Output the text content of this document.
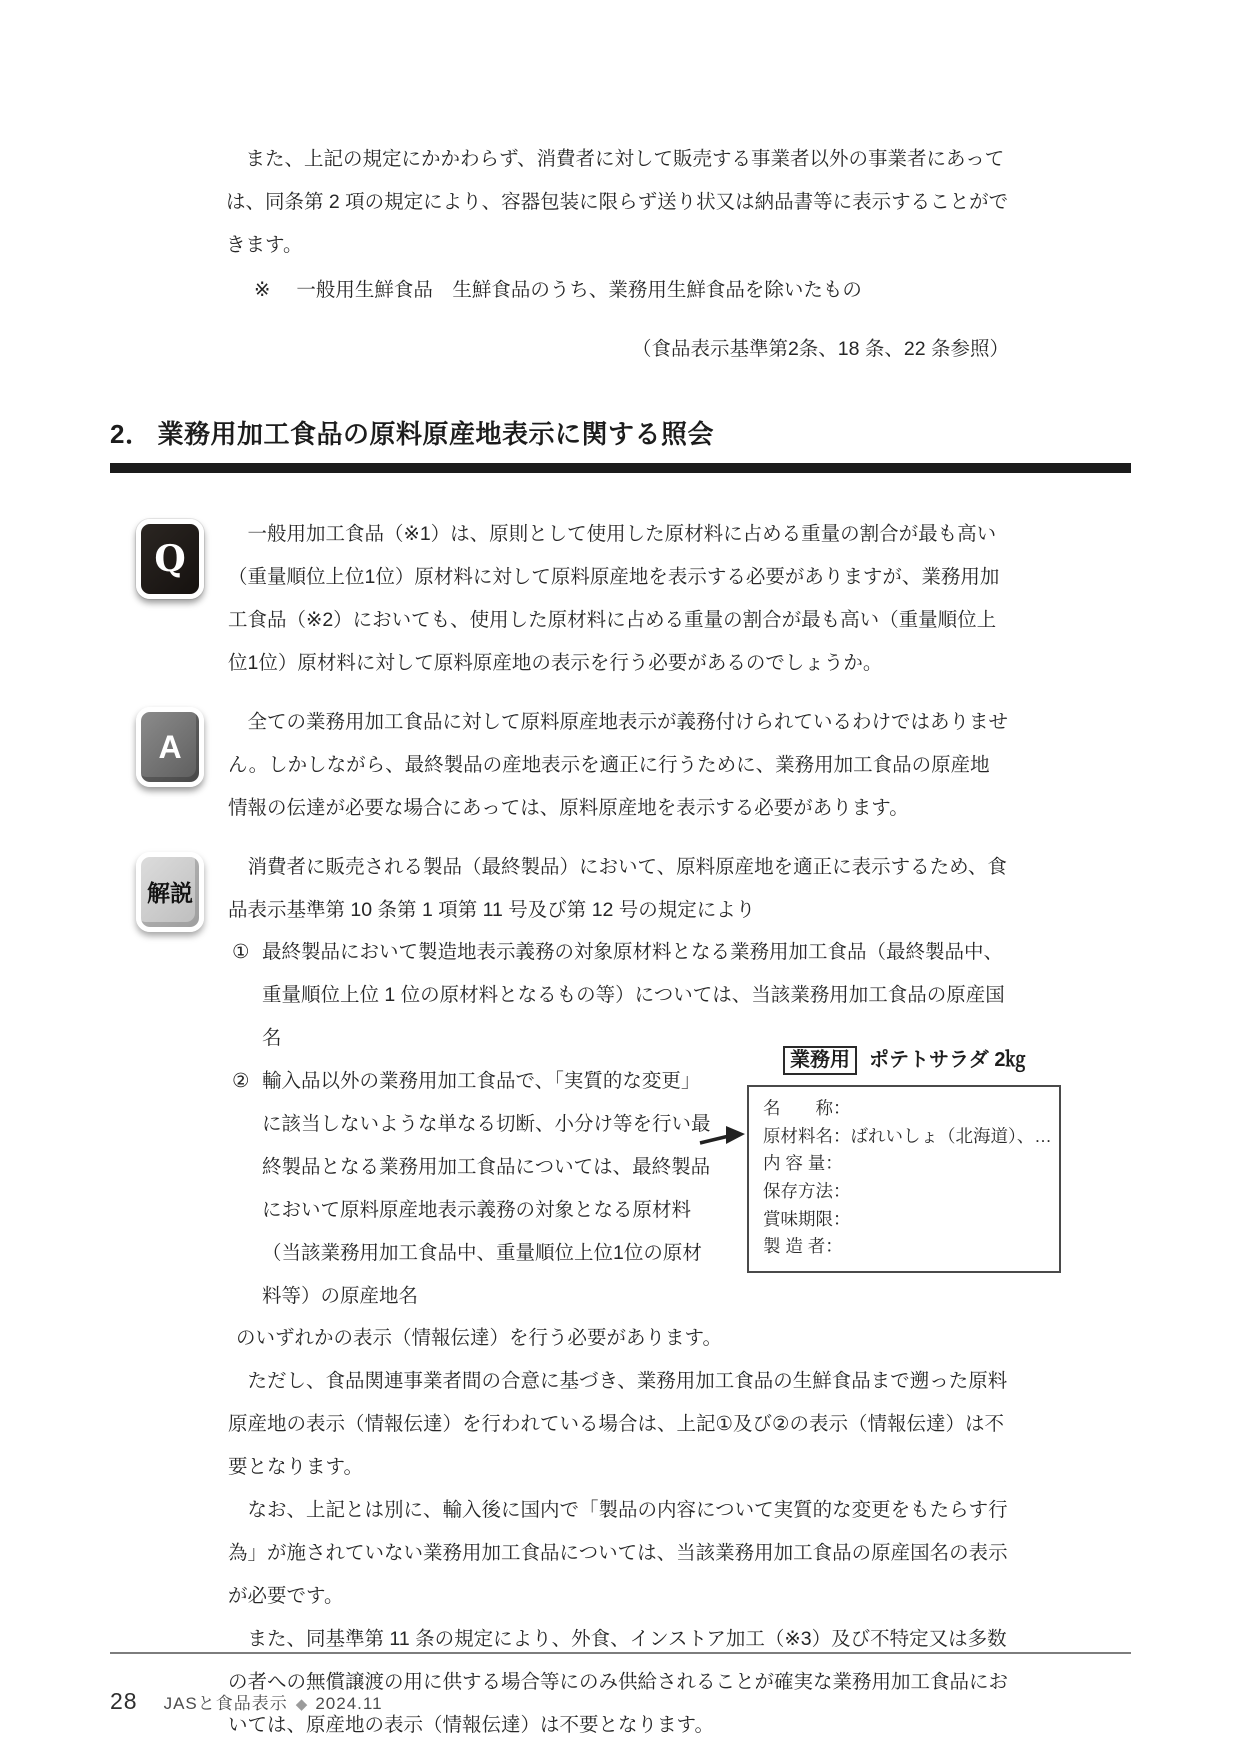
また、上記の規定にかかわらず、消費者に対して販売する事業者以外の事業者にあっては、同条第 2 項の規定により、容器包装に限らず送り状又は納品書等に表示することができます。

※ 一般用生鮮食品　生鮮食品のうち、業務用生鮮食品を除いたもの

（食品表示基準第2条、18 条、22 条参照）

2． 業務用加工食品の原料原産地表示に関する照会
Q

一般用加工食品（※1）は、原則として使用した原材料に占める重量の割合が最も高い（重量順位上位1位）原材料に対して原料原産地を表示する必要がありますが、業務用加工食品（※2）においても、使用した原材料に占める重量の割合が最も高い（重量順位上位1位）原材料に対して原料原産地の表示を行う必要があるのでしょうか。

A

全ての業務用加工食品に対して原料原産地表示が義務付けられているわけではありません。しかしながら、最終製品の産地表示を適正に行うために、業務用加工食品の原産地情報の伝達が必要な場合にあっては、原料原産地を表示する必要があります。

解説

消費者に販売される製品（最終製品）において、原料原産地を適正に表示するため、食品表示基準第 10 条第 1 項第 11 号及び第 12 号の規定により

① 最終製品において製造地表示義務の対象原材料となる業務用加工食品（最終製品中、重量順位上位 1 位の原材料となるもの等）については、当該業務用加工食品の原産国名
②
業務用 ポテトサラダ 2㎏
名　　称：
原材料名：ばれいしょ（北海道）、…
内 容 量：
保存方法：
賞味期限：
製 造 者：
輸入品以外の業務用加工食品で、「実質的な変更」に該当しないような単なる切断、小分け等を行い最終製品となる業務用加工食品については、最終製品において原料原産地表示義務の対象となる原材料（当該業務用加工食品中、重量順位上位1位の原材料等）の原産地名

のいずれかの表示（情報伝達）を行う必要があります。

ただし、食品関連事業者間の合意に基づき、業務用加工食品の生鮮食品まで遡った原料原産地の表示（情報伝達）を行われている場合は、上記①及び②の表示（情報伝達）は不要となります。

なお、上記とは別に、輸入後に国内で「製品の内容について実質的な変更をもたらす行為」が施されていない業務用加工食品については、当該業務用加工食品の原産国名の表示が必要です。

また、同基準第 11 条の規定により、外食、インストア加工（※3）及び不特定又は多数の者への無償譲渡の用に供する場合等にのみ供給されることが確実な業務用加工食品においては、原産地の表示（情報伝達）は不要となります。

28 JASと食品表示 ◆ 2024.11
